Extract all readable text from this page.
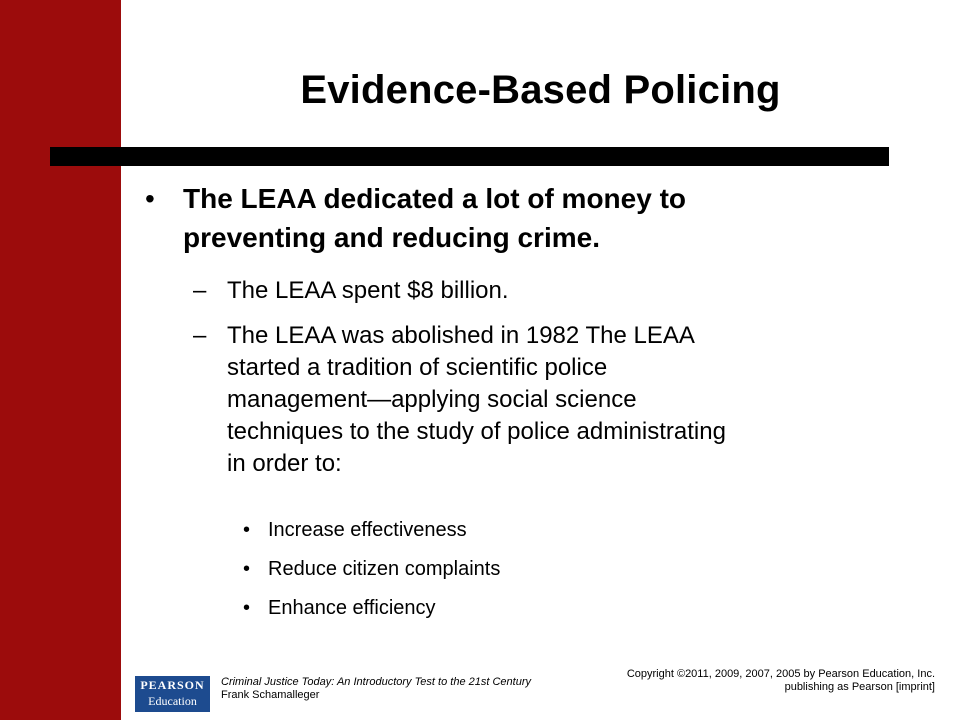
Evidence-Based Policing
• The LEAA dedicated a lot of money to
preventing and reducing crime.
– The LEAA spent $8 billion.
– The LEAA was abolished in 1982 The LEAA
started a tradition of scientific police
management—applying social science
techniques to the study of police administrating
in order to:
• Increase effectiveness
• Reduce citizen complaints
• Enhance efficiency
PEARSON
Education
Criminal Justice Today: An Introductory Test to the 21st Century
Frank Schamalleger
Copyright ©2011, 2009, 2007, 2005 by Pearson Education, Inc.
publishing as Pearson [imprint]
